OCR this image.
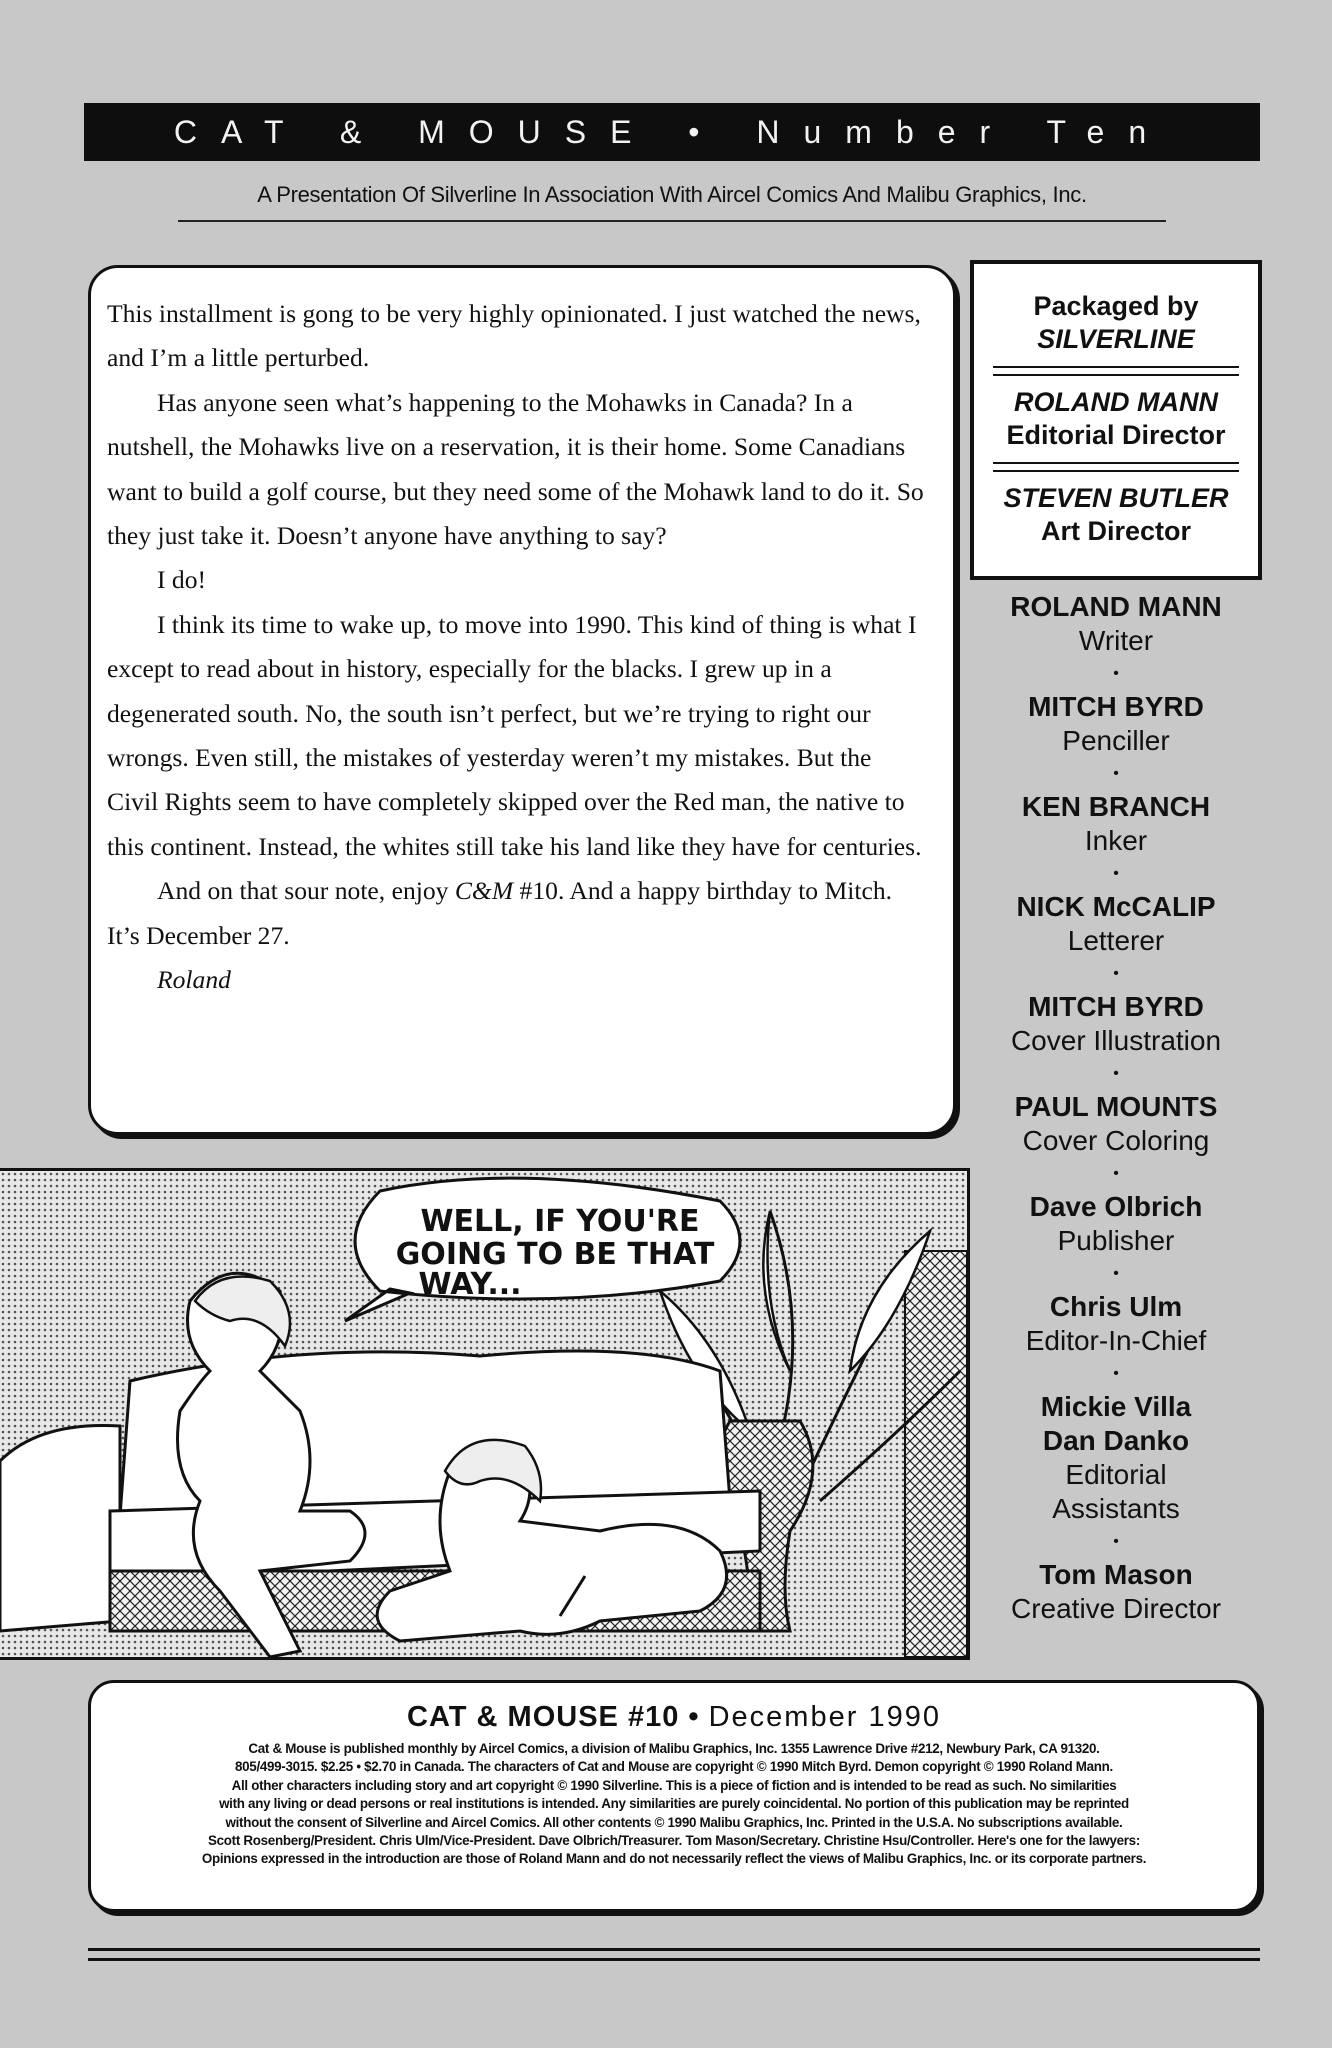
CAT & MOUSE • Number Ten
A Presentation Of Silverline In Association With Aircel Comics And Malibu Graphics, Inc.

This installment is gong to be very highly opinionated. I just watched the news, and I’m a little perturbed.

Has anyone seen what’s happening to the Mohawks in Canada? In a nutshell, the Mohawks live on a reservation, it is their home. Some Canadians want to build a golf course, but they need some of the Mohawk land to do it. So they just take it. Doesn’t anyone have anything to say?

I do!

I think its time to wake up, to move into 1990. This kind of thing is what I except to read about in history, especially for the blacks. I grew up in a degenerated south. No, the south isn’t perfect, but we’re trying to right our wrongs. Even still, the mistakes of yesterday weren’t my mistakes. But the Civil Rights seem to have completely skipped over the Red man, the native to this continent. Instead, the whites still take his land like they have for centuries.

And on that sour note, enjoy C&M #10. And a happy birthday to Mitch. It’s December 27.

Roland

Packaged by
SILVERLINE
ROLAND MANN
Editorial Director
STEVEN BUTLER
Art Director
ROLAND MANN
Writer
•
MITCH BYRD
Penciller
•
KEN BRANCH
Inker
•
NICK McCALIP
Letterer
•
MITCH BYRD
Cover Illustration
•
PAUL MOUNTS
Cover Coloring
•
Dave Olbrich
Publisher
•
Chris Ulm
Editor-In-Chief
•
Mickie Villa
Dan Danko
Editorial
Assistants
•
Tom Mason
Creative Director
WELL, IF YOU'RE
GOING TO BE THAT
WAY...
CAT & MOUSE #10 • December 1990
Cat & Mouse is published monthly by Aircel Comics, a division of Malibu Graphics, Inc. 1355 Lawrence Drive #212, Newbury Park, CA 91320.
805/499-3015. $2.25 • $2.70 in Canada. The characters of Cat and Mouse are copyright © 1990 Mitch Byrd. Demon copyright © 1990 Roland Mann.
All other characters including story and art copyright © 1990 Silverline. This is a piece of fiction and is intended to be read as such. No similarities
with any living or dead persons or real institutions is intended. Any similarities are purely coincidental. No portion of this publication may be reprinted
without the consent of Silverline and Aircel Comics. All other contents © 1990 Malibu Graphics, Inc. Printed in the U.S.A. No subscriptions available.
Scott Rosenberg/President. Chris Ulm/Vice-President. Dave Olbrich/Treasurer. Tom Mason/Secretary. Christine Hsu/Controller. Here's one for the lawyers:
Opinions expressed in the introduction are those of Roland Mann and do not necessarily reflect the views of Malibu Graphics, Inc. or its corporate partners.
